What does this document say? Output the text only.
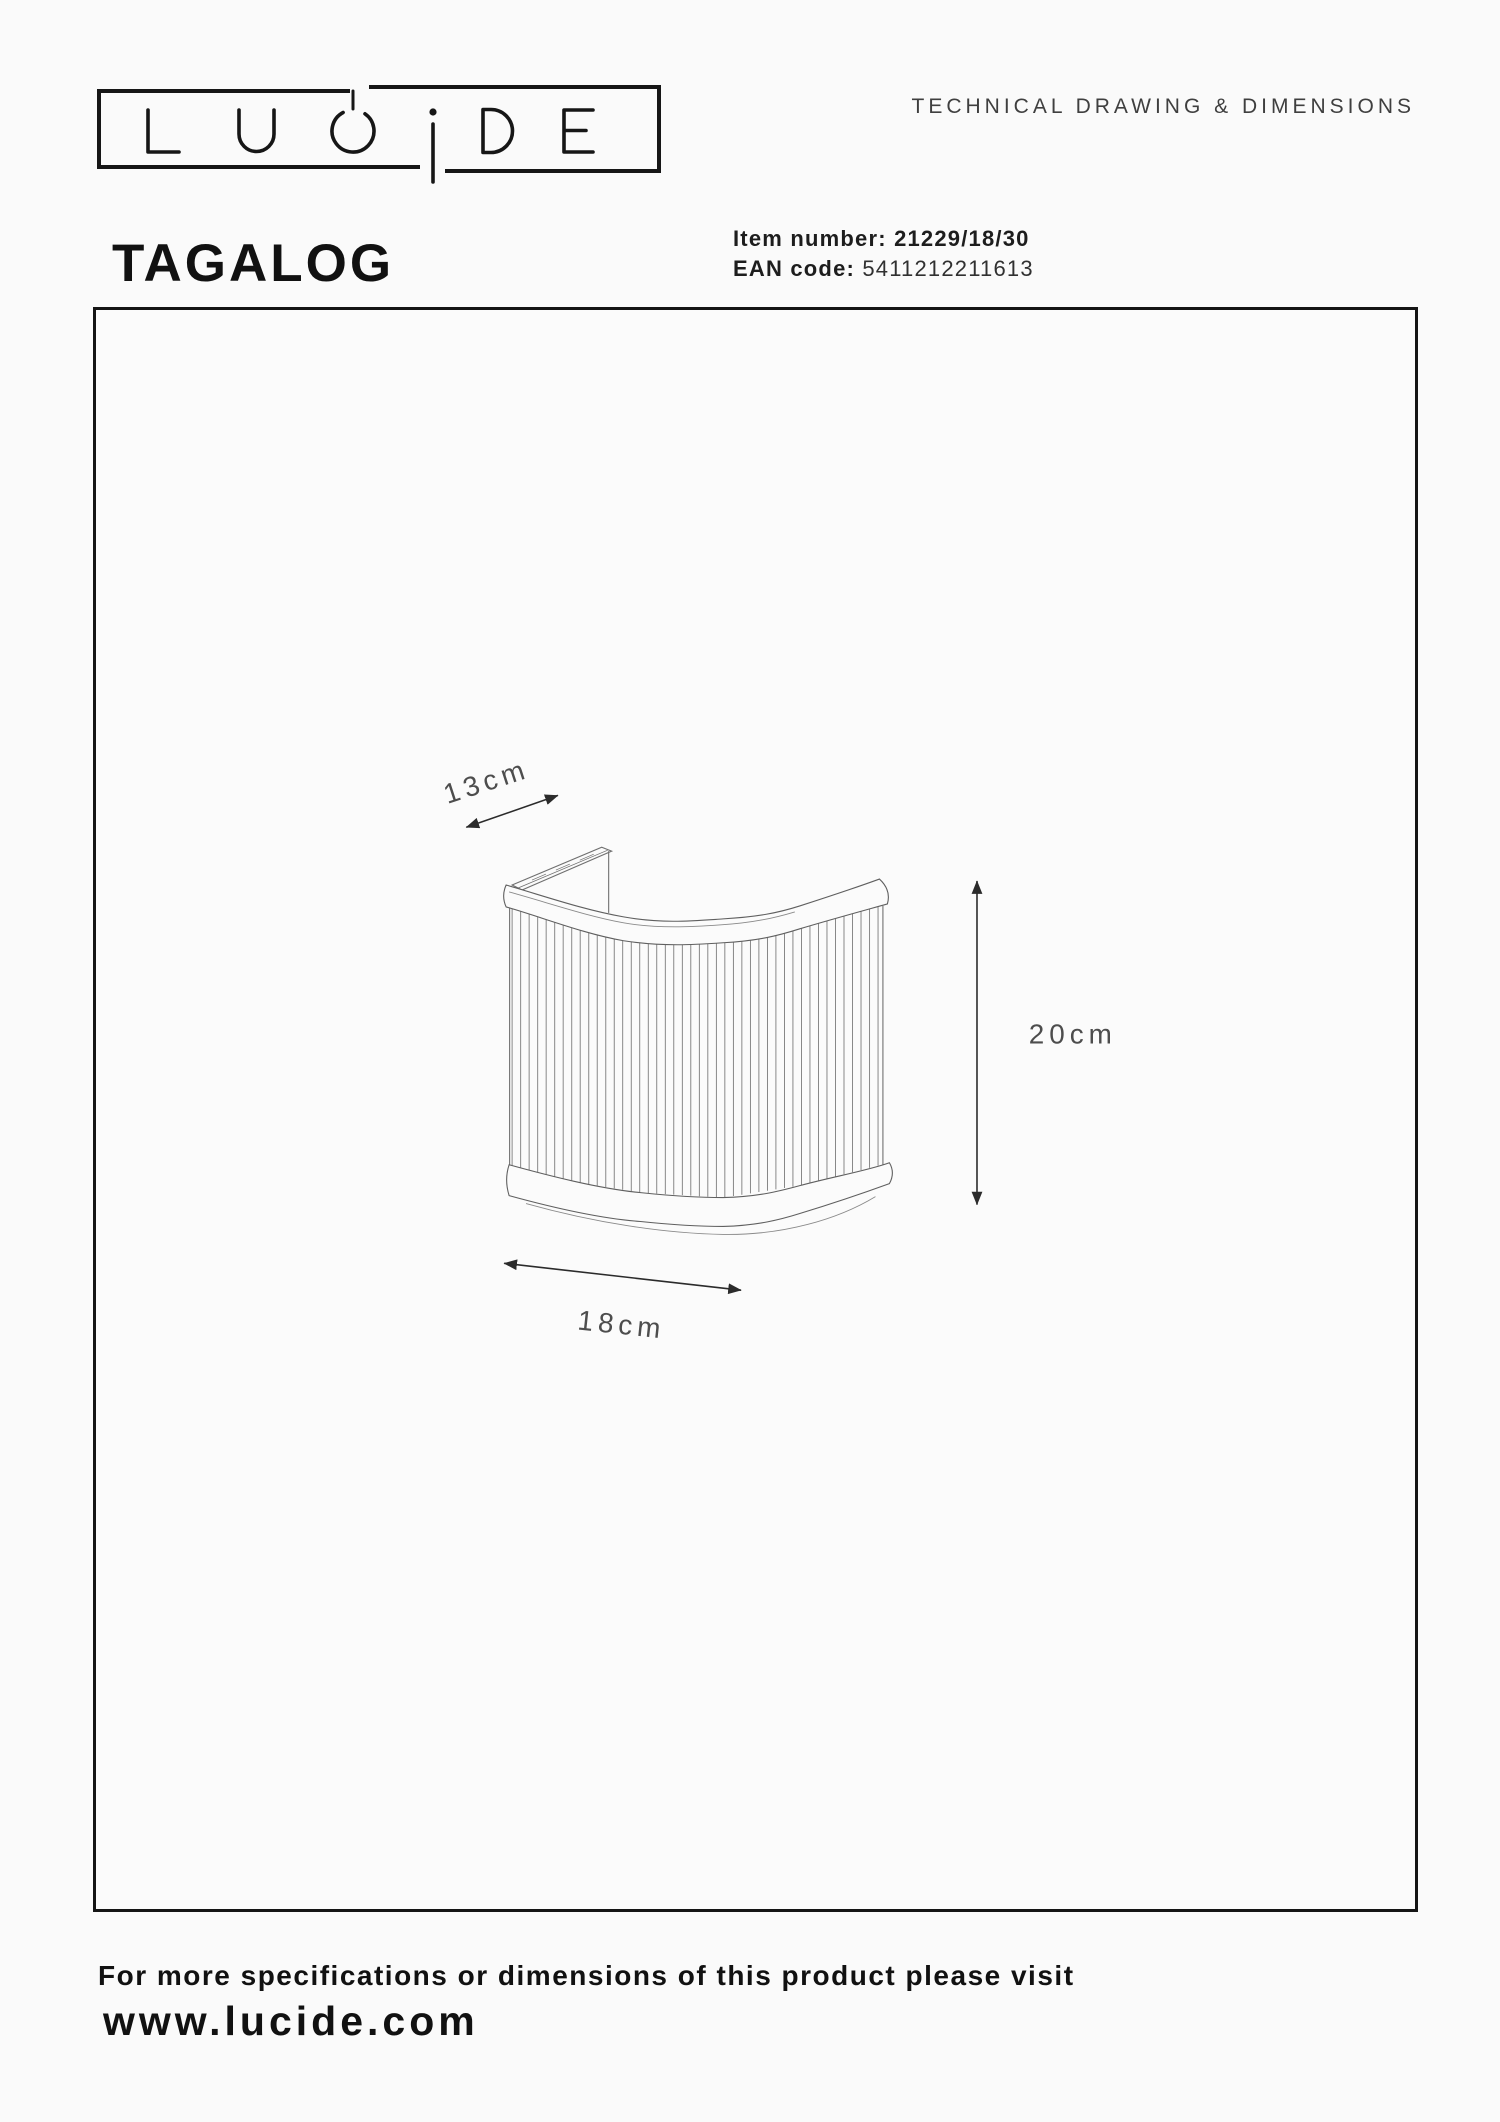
TECHNICAL DRAWING & DIMENSIONS
TAGALOG	Item number: 21229/18/30
EAN code: 5411212211613
13cm
20cm
18cm
For more specifications or dimensions of this product please visit
www.lucide.com
